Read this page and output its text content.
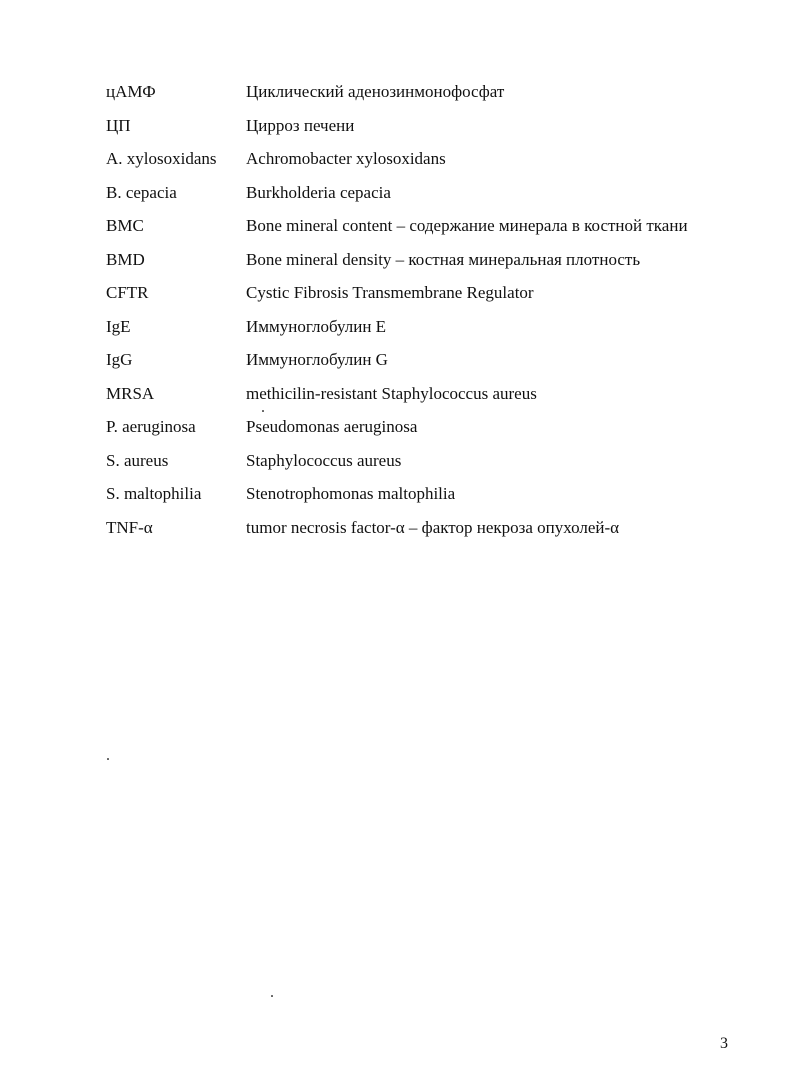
цАМФ	Циклический аденозинмонофосфат
ЦП	Цирроз печени
A. xylosoxidans	Achromobacter xylosoxidans
B. cepacia	Burkholderia cepacia
BMC	Bone mineral content – содержание минерала в костной ткани
BMD	Bone mineral density – костная минеральная плотность
CFTR	Cystic Fibrosis Transmembrane Regulator
IgE	Иммуноглобулин E
IgG	Иммуноглобулин G
MRSA	methicilin-resistant Staphylococcus aureus
P. aeruginosa	Pseudomonas aeruginosa
S. aureus	Staphylococcus aureus
S. maltophilia	Stenotrophomonas maltophilia
TNF-α	tumor necrosis factor-α – фактор некроза опухолей-α
3
